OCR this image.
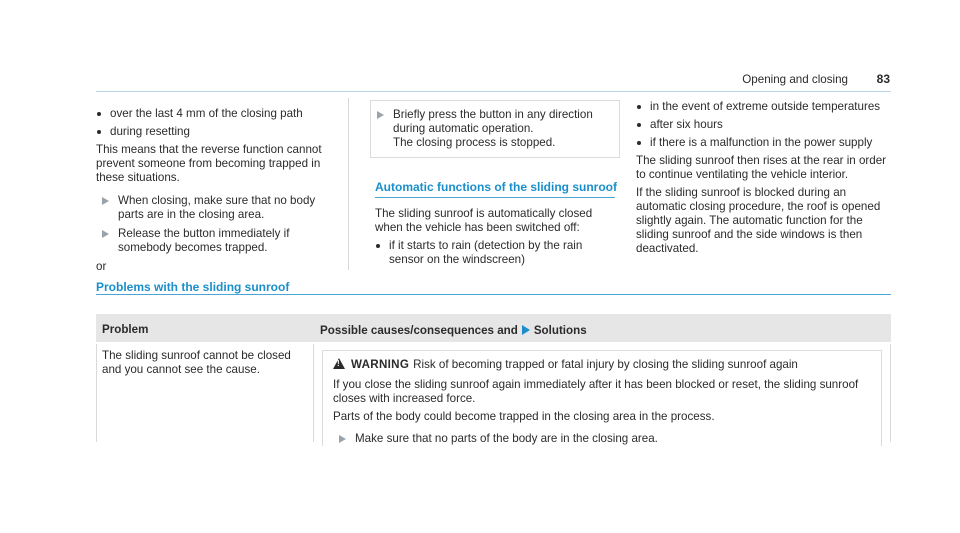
Opening and closing 83
over the last 4 mm of the closing path
during resetting

This means that the reverse function cannot prevent someone from becoming trapped in these situations.

When closing, make sure that no body parts are in the closing area.
Release the button immediately if somebody becomes trapped.
or
Briefly press the button in any direction during automatic operation.
The closing process is stopped.
Automatic functions of the sliding sunroof

The sliding sunroof is automatically closed when the vehicle has been switched off:

if it starts to rain (detection by the rain sensor on the windscreen)
in the event of extreme outside temperatures
after six hours
if there is a malfunction in the power supply

The sliding sunroof then rises at the rear in order to continue ventilating the vehicle interior.

If the sliding sunroof is blocked during an automatic closing procedure, the roof is opened slightly again. The automatic function for the sliding sunroof and the side windows is then deactivated.

Problems with the sliding sunroof
Problem	Possible causes/consequences and Solutions
The sliding sunroof cannot be closed and you cannot see the cause.
!	WARNING Risk of becoming trapped or fatal injury by closing the sliding sunroof again

If you close the sliding sunroof again immediately after it has been blocked or reset, the sliding sunroof closes with increased force.

Parts of the body could become trapped in the closing area in the process.

Make sure that no parts of the body are in the closing area.
